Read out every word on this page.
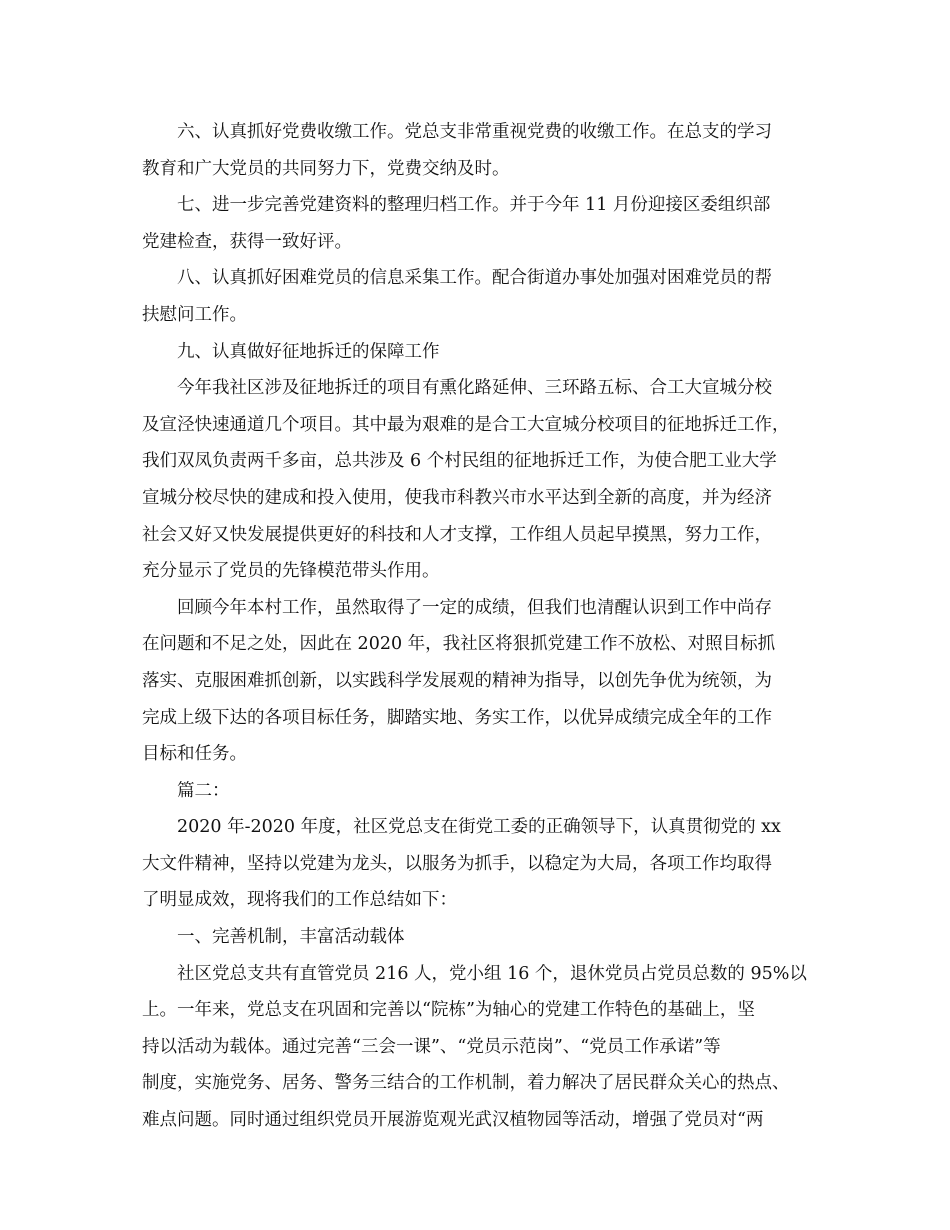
六、认真抓好党费收缴工作。党总支非常重视党费的收缴工作。在总支的学习
教育和广大党员的共同努力下，党费交纳及时。
七、进一步完善党建资料的整理归档工作。并于今年 11 月份迎接区委组织部
党建检查，获得一致好评。
八、认真抓好困难党员的信息采集工作。配合街道办事处加强对困难党员的帮
扶慰问工作。
九、认真做好征地拆迁的保障工作
今年我社区涉及征地拆迁的项目有熏化路延伸、三环路五标、合工大宣城分校
及宣泾快速通道几个项目。其中最为艰难的是合工大宣城分校项目的征地拆迁工作，
我们双凤负责两千多亩，总共涉及 6 个村民组的征地拆迁工作，为使合肥工业大学
宣城分校尽快的建成和投入使用，使我市科教兴市水平达到全新的高度，并为经济
社会又好又快发展提供更好的科技和人才支撑，工作组人员起早摸黑，努力工作，
充分显示了党员的先锋模范带头作用。
回顾今年本村工作，虽然取得了一定的成绩，但我们也清醒认识到工作中尚存
在问题和不足之处，因此在 2020 年，我社区将狠抓党建工作不放松、对照目标抓
落实、克服困难抓创新，以实践科学发展观的精神为指导，以创先争优为统领，为
完成上级下达的各项目标任务，脚踏实地、务实工作，以优异成绩完成全年的工作
目标和任务。
篇二：
2020 年-2020 年度，社区党总支在街党工委的正确领导下，认真贯彻党的 xx
大文件精神，坚持以党建为龙头，以服务为抓手，以稳定为大局，各项工作均取得
了明显成效，现将我们的工作总结如下：
一、完善机制，丰富活动载体
社区党总支共有直管党员 216 人，党小组 16 个，退休党员占党员总数的 95%以
上。一年来，党总支在巩固和完善以“院栋”为轴心的党建工作特色的基础上，坚
持以活动为载体。通过完善“三会一课”、“党员示范岗”、“党员工作承诺”等
制度，实施党务、居务、警务三结合的工作机制，着力解决了居民群众关心的热点、
难点问题。同时通过组织党员开展游览观光武汉植物园等活动，增强了党员对“两
